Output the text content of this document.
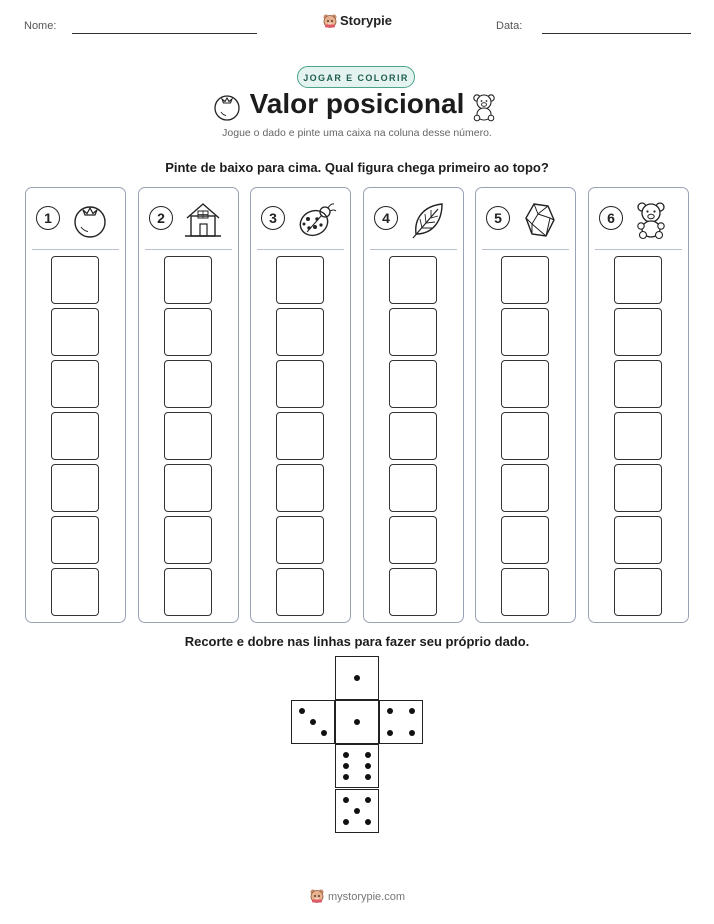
Nome:	Storypie	Data:
JOGAR E COLORIR
Valor posicional
Jogue o dado e pinte uma caixa na coluna desse número.
Pinte de baixo para cima. Qual figura chega primeiro ao topo?
1	2	3	4	5	6
Recorte e dobre nas linhas para fazer seu próprio dado.
mystorypie.com
